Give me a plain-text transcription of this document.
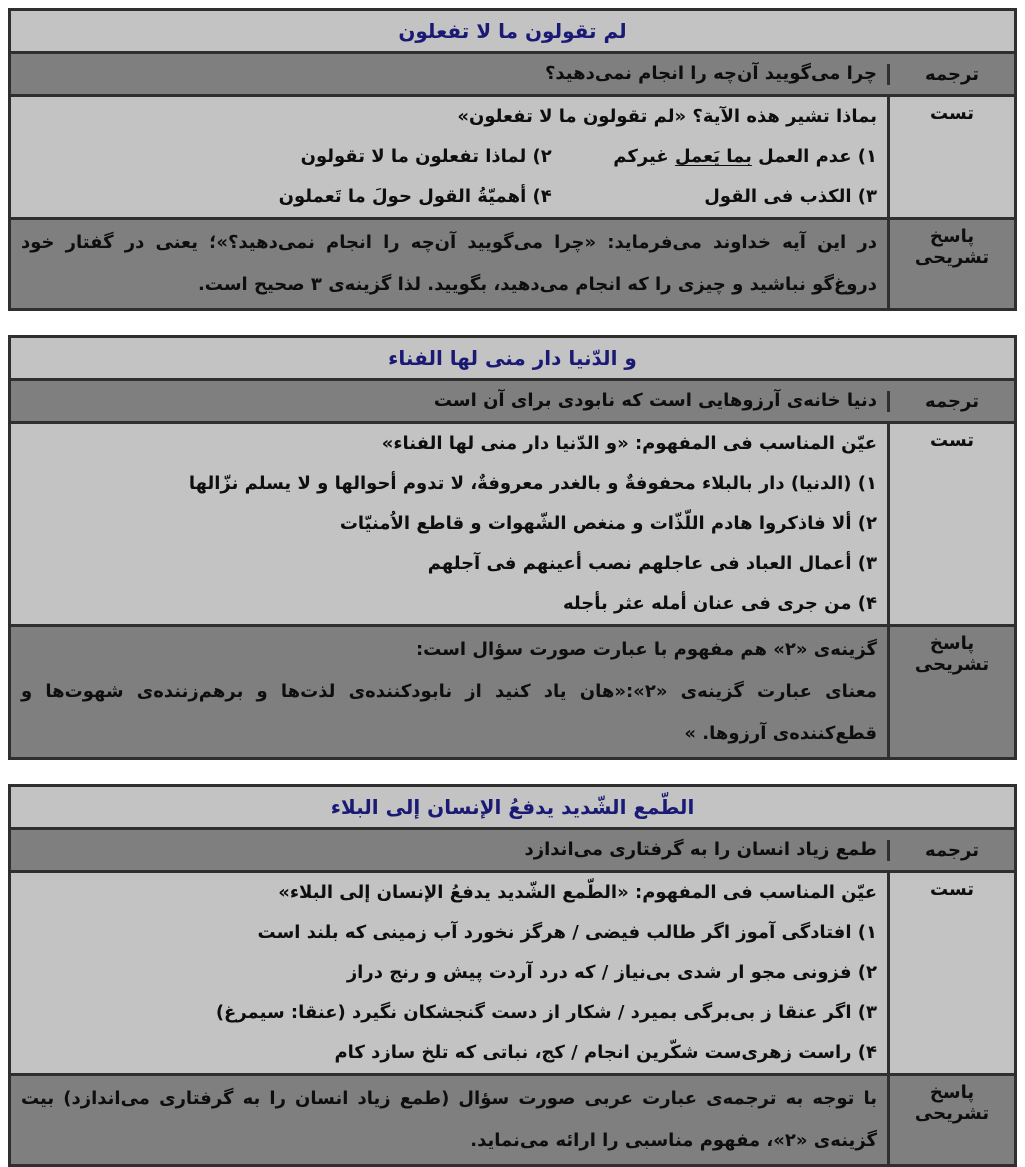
لم تقولون ما لا تفعلون
ترجمه
چرا می‌گویید آن‌چه را انجام نمی‌دهید؟
تست
بماذا تشیر هذه الآیة؟ «لم تقولون ما لا تفعلون»
۱) عدم العمل بما یَعمل غیرکم
۲) لماذا تفعلون ما لا تقولون
۳) الکذب فی القول
۴) أهمیّةُ القول حولَ ما تَعملون
پاسخ تشریحی
در این آیه خداوند می‌فرماید: «چرا می‌گویید آن‌چه را انجام نمی‌دهید؟»؛ یعنی در گفتار خود دروغ‌گو نباشید و چیزی را که انجام می‌دهید، بگویید. لذا گزینه‌ی ۳ صحیح است.
و الدّنیا دار منی لها الفناء
ترجمه
دنیا خانه‌ی آرزوهایی است که نابودی برای آن است
تست
عیّن المناسب فی المفهوم: «و الدّنیا دار منی لها الفناء»
۱) (الدنیا) دار بالبلاء محفوفةٌ و بالغدر معروفةٌ، لا تدوم أحوالها و لا یسلم نزّالها
۲) ألا فاذکروا هادم اللّذّات و منغص الشّهوات و قاطع الاُمنیّات
۳) أعمال العباد فی عاجلهم نصب أعینهم فی آجلهم
۴) من جری فی عنان أمله عثر بأجله
پاسخ تشریحی
گزینه‌ی «۲» هم مفهوم با عبارت صورت سؤال است:
معنای عبارت گزینه‌ی «۲»:«هان یاد کنید از نابودکننده‌ی لذت‌ها و برهم‌زننده‌ی شهوت‌ها و قطع‌کننده‌ی آرزوها. »
الطّمع الشّدید یدفعُ الإنسان إلی البلاء
ترجمه
طمع زیاد انسان را به گرفتاری می‌اندازد
تست
عیّن المناسب فی المفهوم: «الطّمع الشّدید یدفعُ الإنسان إلی البلاء»
۱) افتادگی آموز اگر طالب فیضی / هرگز نخورد آب زمینی که بلند است
۲) فزونی مجو ار شدی بی‌نیاز / که درد آردت پیش و رنج دراز
۳) اگر عنقا ز بی‌برگی بمیرد / شکار از دست گنجشکان نگیرد (عنقا: سیمرغ)
۴) راست زهری‌ست شکّرین انجام / کج، نباتی که تلخ سازد کام
پاسخ تشریحی
با توجه به ترجمه‌ی عبارت عربی صورت سؤال (طمع زیاد انسان را به گرفتاری می‌اندازد) بیت گزینه‌ی «۲»، مفهوم مناسبی را ارائه می‌نماید.
